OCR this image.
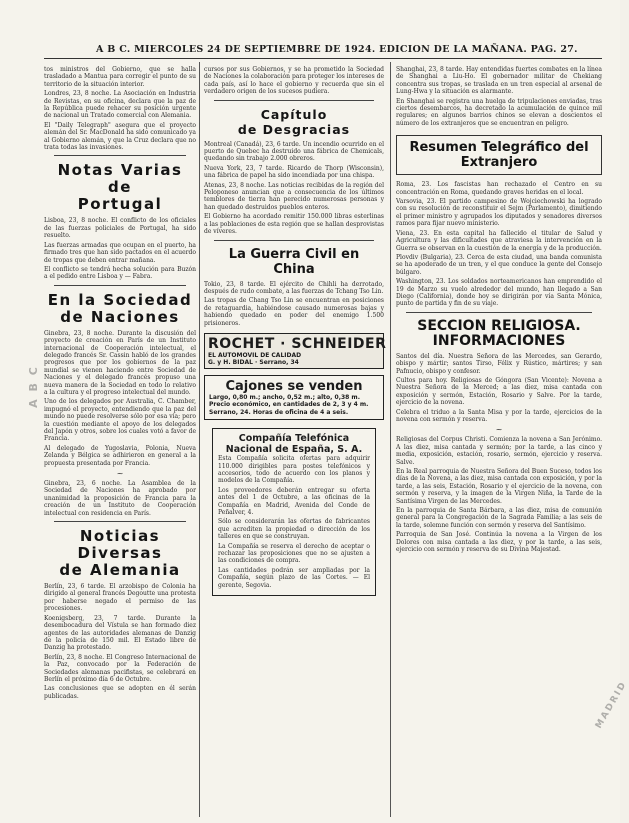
A B C. MIERCOLES 24 DE SEPTIEMBRE DE 1924. EDICION DE LA MAÑANA. PAG. 27.

tos ministros del Gobierno, que se halla trasladado a Mantua para corregir el punto de su territorio de la situación interior.

Londres, 23, 8 noche. La Asociación en Industria de Revistas, en su oficina, declara que la paz de la República puede rehacer su posición urgente de nacional un Tratado comercial con Alemania.

El "Daily Telegraph" asegura que el proyecto alemán del Sr. MacDonald ha sido comunicado ya al Gobierno alemán, y que la Cruz declara que no trata todas las invasiones.

Notas Varias de
Portugal

Lisboa, 23, 8 noche. El conflicto de los oficiales de las fuerzas policiales de Portugal, ha sido resuelto.

Las fuerzas armadas que ocupan en el puerto, ha firmado tres que han sido pactados en el acuerdo de tropas que deben entrar mañana.

El conflicto se tendrá hecha solución para Buzón a el pedido entre Lisboa y — Fabra.

En la Sociedad
de Naciones

Ginebra, 23, 8 noche. Durante la discusión del proyecto de creación en París de un Instituto internacional de Cooperación intelectual, el delegado francés Sr. Cassin habló de los grandes progresos que por los gobiernos de la paz mundial se vienen haciendo entre Sociedad de Naciones y el delegado francés propuso una nueva manera de la Sociedad en todo lo relativo a la cultura y el progreso intelectual del mundo.

Uno de los delegados por Australia, C. Chamber, impugnó el proyecto, entendiendo que la paz del mundo no puede resolverse sólo por esa vía; pero la cuestión mediante el apoyo de los delegados del Japón y otros, sobre los cuales votó a favor de Francia.

Al delegado de Yugoslavia, Polonia, Nueva Zelanda y Bélgica se adhirieron en general a la propuesta presentada por Francia.

~

Ginebra, 23, 6 noche. La Asamblea de la Sociedad de Naciones ha aprobado por unanimidad la proposición de Francia para la creación de un Instituto de Cooperación intelectual con residencia en París.

Noticias Diversas
de Alemania

Berlín, 23, 6 tarde. El arzobispo de Colonia ha dirigido al general francés Degoutte una protesta por haberse negado el permiso de las procesiones.

Koenigsberg, 23, 7 tarde. Durante la desembocadura del Vístula se han formado diez agentes de las autoridades alemanas de Danzig de la policía de 150 mil. El Estado libre de Danzig ha protestado.

Berlín, 23, 8 noche. El Congreso Internacional de la Paz, convocado por la Federación de Sociedades alemanas pacifistas, se celebrará en Berlín el próximo día 6 de Octubre.

Las conclusiones que se adopten en él serán publicadas.

cursos por sus Gobiernos, y se ha prometido la Sociedad de Naciones la colaboración para proteger los intereses de cada país, así lo hace el gobierno y recuerda que sin el verdadero origen de los sucesos pudiera.

Capítulo
de Desgracias

Montreal (Canadá), 23, 6 tarde. Un incendio ocurrido en el puerto de Quebec ha destruido una fábrica de Chemicals, quedando sin trabajo 2.000 obreros.

Nueva York, 23, 7 tarde. Ricardo de Thorp (Wisconsin), una fábrica de papel ha sido incendiada por una chispa.

Atenas, 23, 8 noche. Las noticias recibidas de la región del Peloponeso anuncian que a consecuencia de los últimos temblores de tierra han perecido numerosas personas y han quedado destruidos pueblos enteros.

El Gobierno ha acordado remitir 150.000 libras esterlinas a las poblaciones de esta región que se hallan desprovistas de víveres.

La Guerra Civil en
China

Tokio, 23, 8 tarde. El ejército de Chihli ha derrotado, después de rudo combate, a las fuerzas de Tchang Tso Lin.

Las tropas de Chang Tso Lin se encuentran en posiciones de retaguardia, habiéndose causado numerosas bajas y habiendo quedado en poder del enemigo 1.500 prisioneros.

ROCHET · SCHNEIDER
EL AUTOMOVIL DE CALIDAD
G. y H. BIDAL · Serrano, 34
Cajones se venden
Largo, 0,80 m.; ancho, 0,52 m.; alto, 0,38 m. Precio económico, en cantidades de 2, 3 y 4 m. Serrano, 24. Horas de oficina de 4 a seis.
Compañía Telefónica
Nacional de España, S. A.

Esta Compañía solicita ofertas para adquirir 110.000 dirigibles para postes telefónicos y accesorios, todo de acuerdo con los planos y modelos de la Compañía.

Los proveedores deberán entregar su oferta antes del 1 de Octubre, a las oficinas de la Compañía en Madrid, Avenida del Conde de Peñalver, 4.

Sólo se considerarán las ofertas de fabricantes que acrediten la propiedad o dirección de los talleres en que se construyan.

La Compañía se reserva el derecho de aceptar o rechazar las proposiciones que no se ajusten a las condiciones de compra.

Las cantidades podrán ser ampliadas por la Compañía, según plazo de las Cortes. — El gerente, Segovia.

Shanghai, 23, 8 tarde. Hay entendidas fuertes combates en la línea de Shanghai a Liu-Ho. El gobernador militar de Chekiang concentra sus tropas, se traslada en un tren especial al arsenal de Lung-Hwa y la situación es alarmante.

En Shanghai se registra una huelga de tripulaciones enviadas, tras ciertos desembarcos, ha decretado la acumulación de quince mil regulares; en algunos barrios chinos se elevan a doscientos el número de los extranjeros que se encuentran en peligro.

Resumen Telegráfico del
Extranjero

Roma, 23. Los fascistas han rechazado el Centro en su concentración en Roma, quedando graves heridas en el local.

Varsovia, 23. El partido campesino de Wojciechowski ha logrado con su resolución de reconstituir el Sejm (Parlamento), dimitiendo el primer ministro y agrupados los diputados y senadores diversos ramos para fijar nuevo ministerio.

Viena, 23. En esta capital ha fallecido el titular de Salud y Agricultura y las dificultades que atraviesa la intervención en la Guerra se observan en la cuestión de la energía y de la producción.

Plovdiv (Bulgaria), 23. Cerca de esta ciudad, una banda comunista se ha apoderado de un tren, y el que conduce la gente del Consejo búlgaro.

Washington, 23. Los soldados norteamericanos han emprendido el 19 de Marzo su vuelo alrededor del mundo, han llegado a San Diego (California), donde hoy se dirigirán por vía Santa Mónica, punto de partida y fin de su viaje.

SECCION RELIGIOSA.
INFORMACIONES

Santos del día. Nuestra Señora de las Mercedes, san Gerardo, obispo y mártir; santos Tirso, Félix y Rústico, mártires; y san Pafnucio, obispo y confesor.

Cultos para hoy. Religiosas de Góngora (San Vicente): Novena a Nuestra Señora de la Merced; a las diez, misa cantada con exposición y sermón, Estación, Rosario y Salve. Por la tarde, ejercicio de la novena.

Celebra el triduo a la Santa Misa y por la tarde, ejercicios de la novena con sermón y reserva.

~

Religiosas del Corpus Christi. Comienza la novena a San Jerónimo. A las diez, misa cantada y sermón; por la tarde, a las cinco y media, exposición, estación, rosario, sermón, ejercicio y reserva. Salve.

En la Real parroquia de Nuestra Señora del Buen Suceso, todos los días de la Novena, a las diez, misa cantada con exposición, y por la tarde, a las seis, Estación, Rosario y el ejercicio de la novena, con sermón y reserva, y la imagen de la Virgen Niña, la Tarde de la Santísima Virgen de las Mercedes.

En la parroquia de Santa Bárbara, a las diez, misa de comunión general para la Congregación de la Sagrada Familia; a las seis de la tarde, solemne función con sermón y reserva del Santísimo.

Parroquia de San José. Continúa la novena a la Virgen de los Dolores con misa cantada a las diez, y por la tarde, a las seis, ejercicio con sermón y reserva de su Divina Majestad.

A B C
MADRID
